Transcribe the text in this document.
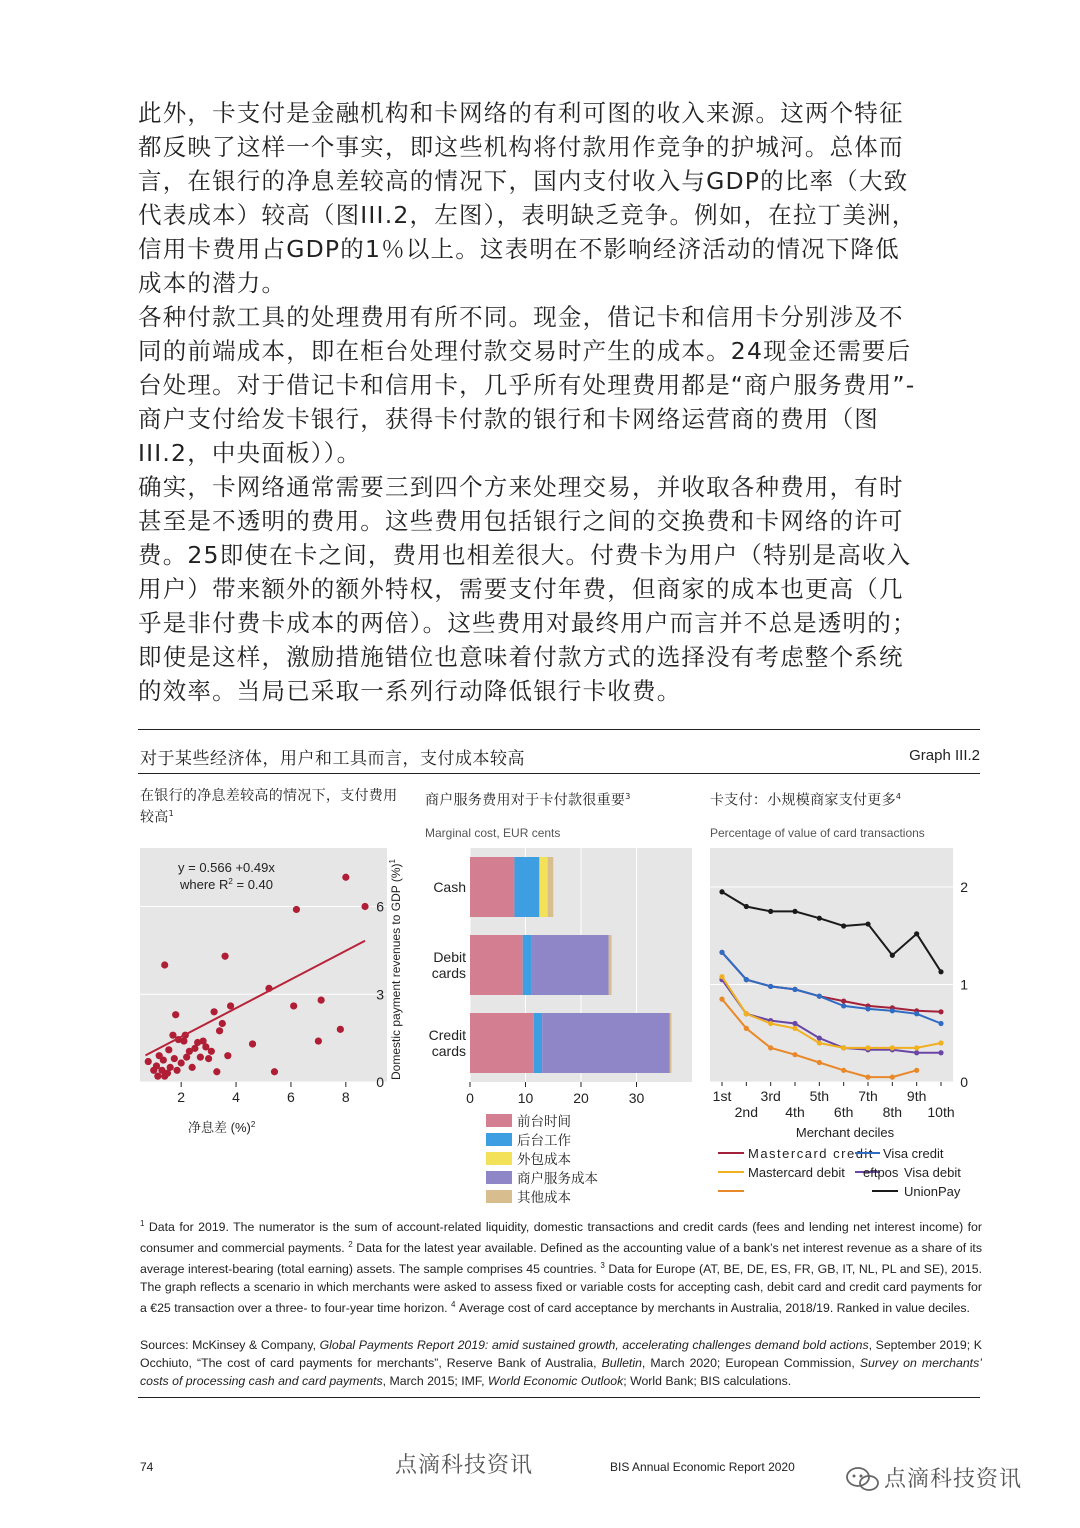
此外，卡支付是金融机构和卡网络的有利可图的收入来源。这两个特征
都反映了这样一个事实，即这些机构将付款用作竞争的护城河。总体而
言，在银行的净息差较高的情况下，国内支付收入与GDP的比率（大致
代表成本）较高（图III.2，左图），表明缺乏竞争。例如，在拉丁美洲，
信用卡费用占GDP的1％以上。这表明在不影响经济活动的情况下降低
成本的潜力。

各种付款工具的处理费用有所不同。现金，借记卡和信用卡分别涉及不
同的前端成本，即在柜台处理付款交易时产生的成本。24现金还需要后
台处理。对于借记卡和信用卡，几乎所有处理费用都是“商户服务费用”-
商户支付给发卡银行，获得卡付款的银行和卡网络运营商的费用（图
III.2，中央面板））。

确实，卡网络通常需要三到四个方来处理交易，并收取各种费用，有时
甚至是不透明的费用。这些费用包括银行之间的交换费和卡网络的许可
费。25即使在卡之间，费用也相差很大。付费卡为用户（特别是高收入
用户）带来额外的额外特权，需要支付年费，但商家的成本也更高（几
乎是非付费卡成本的两倍）。这些费用对最终用户而言并不总是透明的；
即使是这样，激励措施错位也意味着付款方式的选择没有考虑整个系统
的效率。当局已采取一系列行动降低银行卡收费。

对于某些经济体，用户和工具而言，支付成本较高	Graph III.2
在银行的净息差较高的情况下，支付费用较高$^1$
商户服务费用对于卡付款很重要$^3$	卡支付：小规模商家支付更多$^4$
Marginal cost, EUR cents	Percentage of value of card transactions
y = 0.566 +0.49x
where $R^2 = 0.40$
2	4	6	8
0
3
6 Domestic payment revenues to GDP (%)$^1$
净息差 (%)$^2$
Cash
Debit
cards
Credit
cards
0	10	20	30
前台时间
后台工作
外包成本
商户服务成本
其他成本
0
1
2
1st
2nd
3rd
4th
5th
6th
7th
8th
9th
10th
Merchant deciles
Mastercard credit Visa credit
Mastercard debit eftpos Visa debit
UnionPay
$^1$ Data for 2019. The numerator is the sum of account-related liquidity, domestic transactions and credit cards (fees and lending net interest income) for consumer and commercial payments. $^2$ Data for the latest year available. Defined as the accounting value of a bank’s net interest revenue as a share of its average interest-bearing (total earning) assets. The sample comprises 45 countries. $^3$ Data for Europe (AT, BE, DE, ES, FR, GB, IT, NL, PL and SE), 2015. The graph reflects a scenario in which merchants were asked to assess fixed or variable costs for accepting cash, debit card and credit card payments for a €25 transaction over a three- to four-year time horizon. $^4$ Average cost of card acceptance by merchants in Australia, 2018/19. Ranked in value deciles.
Sources: McKinsey & Company, Global Payments Report 2019: amid sustained growth, accelerating challenges demand bold actions, September 2019; K Occhiuto, “The cost of card payments for merchants”, Reserve Bank of Australia, Bulletin, March 2020; European Commission, Survey on merchants’ costs of processing cash and card payments, March 2015; IMF, World Economic Outlook; World Bank; BIS calculations.
74	点滴科技资讯	BIS Annual Economic Report 2020	点滴科技资讯
